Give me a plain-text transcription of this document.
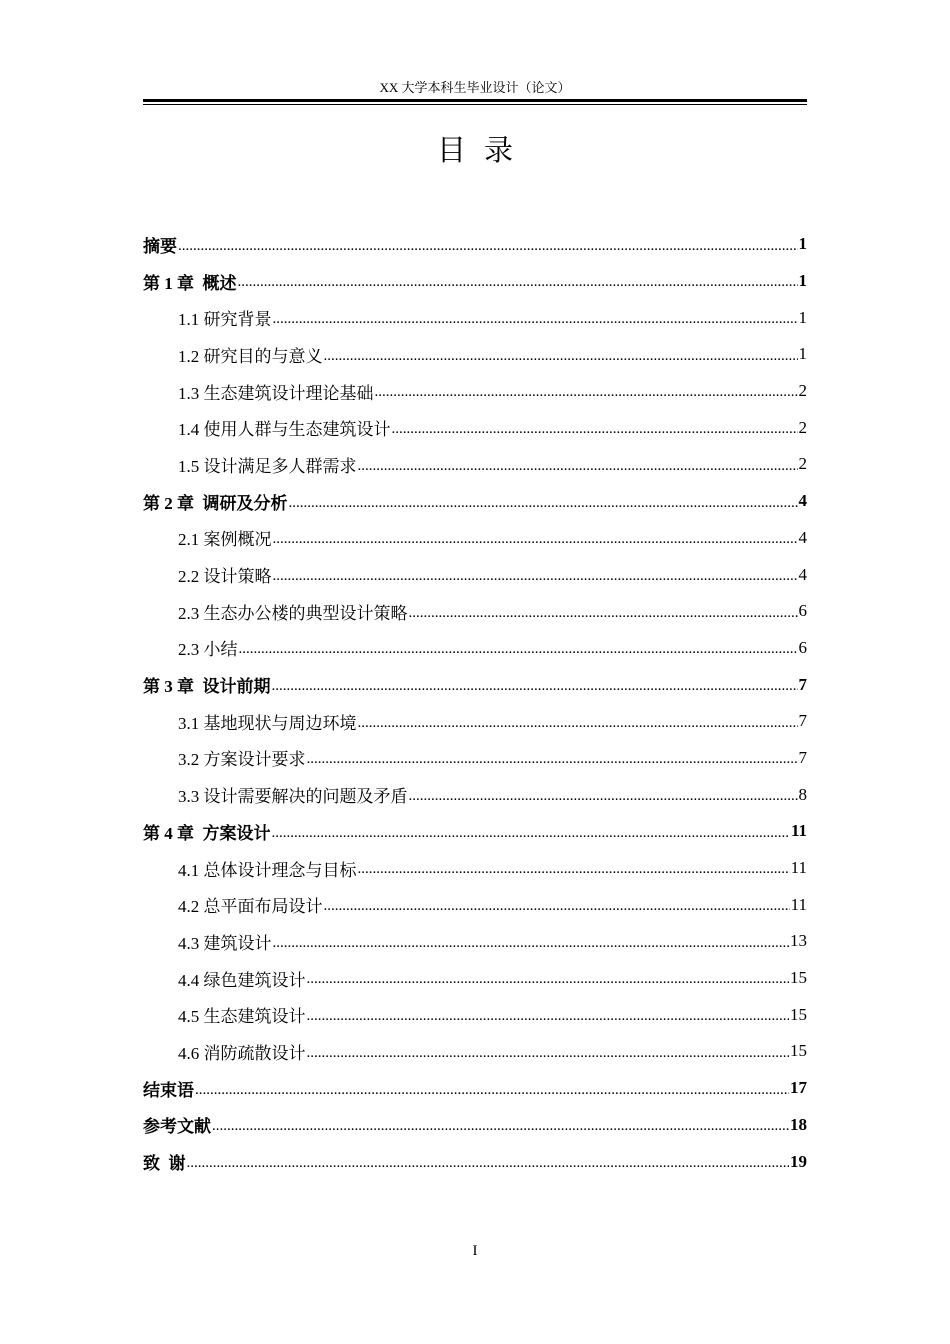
XX 大学本科生毕业设计（论文）
目录
摘要 .....	1
第 1 章  概述 .....	1
1.1 研究背景 .....	1
1.2 研究目的与意义 .....	1
1.3 生态建筑设计理论基础 .....	2
1.4 使用人群与生态建筑设计 .....	2
1.5 设计满足多人群需求 .....	2
第 2 章  调研及分析 .....	4
2.1 案例概况 .....	4
2.2 设计策略 .....	4
2.3 生态办公楼的典型设计策略 .....	6
2.3 小结 .....	6
第 3 章  设计前期 .....	7
3.1 基地现状与周边环境 .....	7
3.2 方案设计要求 .....	7
3.3 设计需要解决的问题及矛盾 .....	8
第 4 章  方案设计 .....	11
4.1 总体设计理念与目标 .....	11
4.2 总平面布局设计 .....	11
4.3 建筑设计 .....	13
4.4 绿色建筑设计 .....	15
4.5 生态建筑设计 .....	15
4.6 消防疏散设计 .....	15
结束语 .....	17
参考文献 .....	18
致  谢 .....	19
I
